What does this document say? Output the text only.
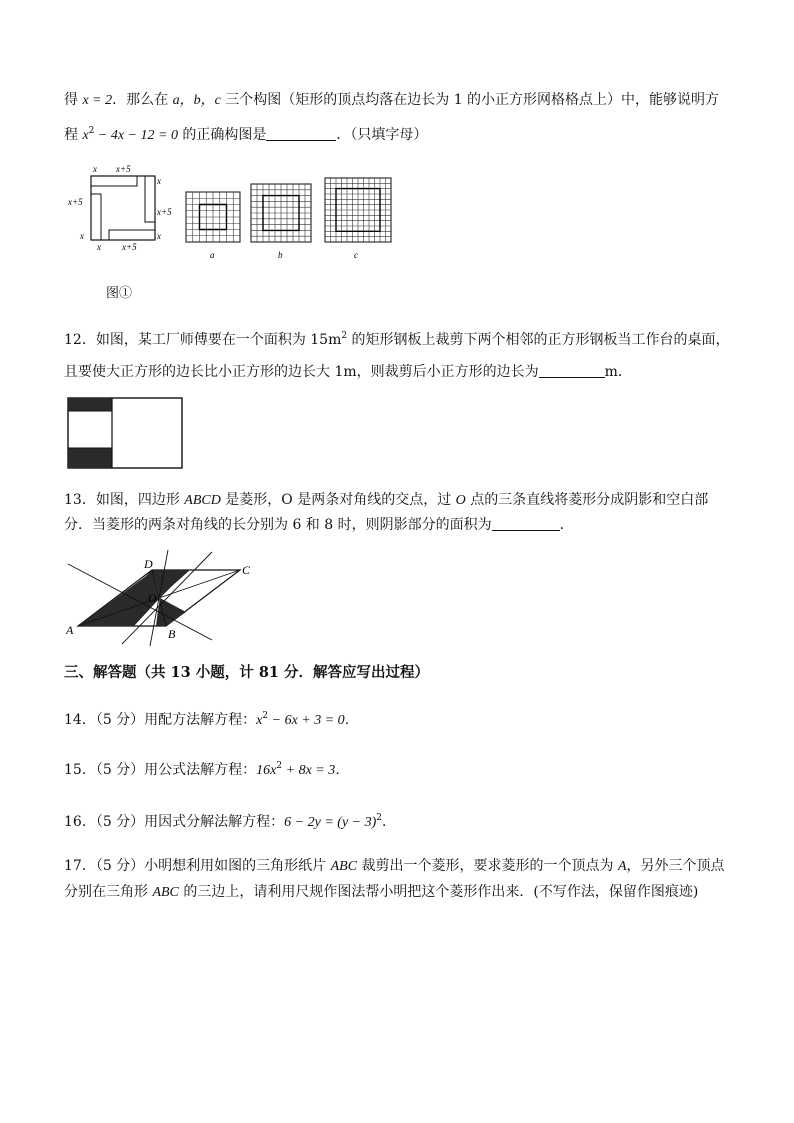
得 x = 2．那么在 a，b，c 三个构图（矩形的顶点均落在边长为 1 的小正方形网格格点上）中，能够说明方
程 $x^2 - 4x - 12 = 0$ 的正确构图是	．（只填字母）
x x+5
x
x+5
x+5
x
x
x x+5
a	b	c
图①
12．如图，某工厂师傅要在一个面积为 $15m^2$ 的矩形钢板上裁剪下两个相邻的正方形钢板当工作台的桌面，
且要使大正方形的边长比小正方形的边长大 1m，则裁剪后小正方形的边长为	m．
13．如图，四边形 ABCD 是菱形，O 是两条对角线的交点，过 O 点的三条直线将菱形分成阴影和空白部
分．当菱形的两条对角线的长分别为 6 和 8 时，则阴影部分的面积为	．
A	B
C
D
O
三、解答题（共 13 小题，计 81 分．解答应写出过程）
14．（5 分）用配方法解方程：$x^2 - 6x + 3 = 0$．
15．（5 分）用公式法解方程：$16x^2 + 8x = 3$．
16．（5 分）用因式分解法解方程：$6 - 2y = (y - 3)^2$．
17．（5 分）小明想利用如图的三角形纸片 ABC 裁剪出一个菱形，要求菱形的一个顶点为 A，另外三个顶点
分别在三角形 ABC 的三边上，请利用尺规作图法帮小明把这个菱形作出来．(不写作法，保留作图痕迹)
